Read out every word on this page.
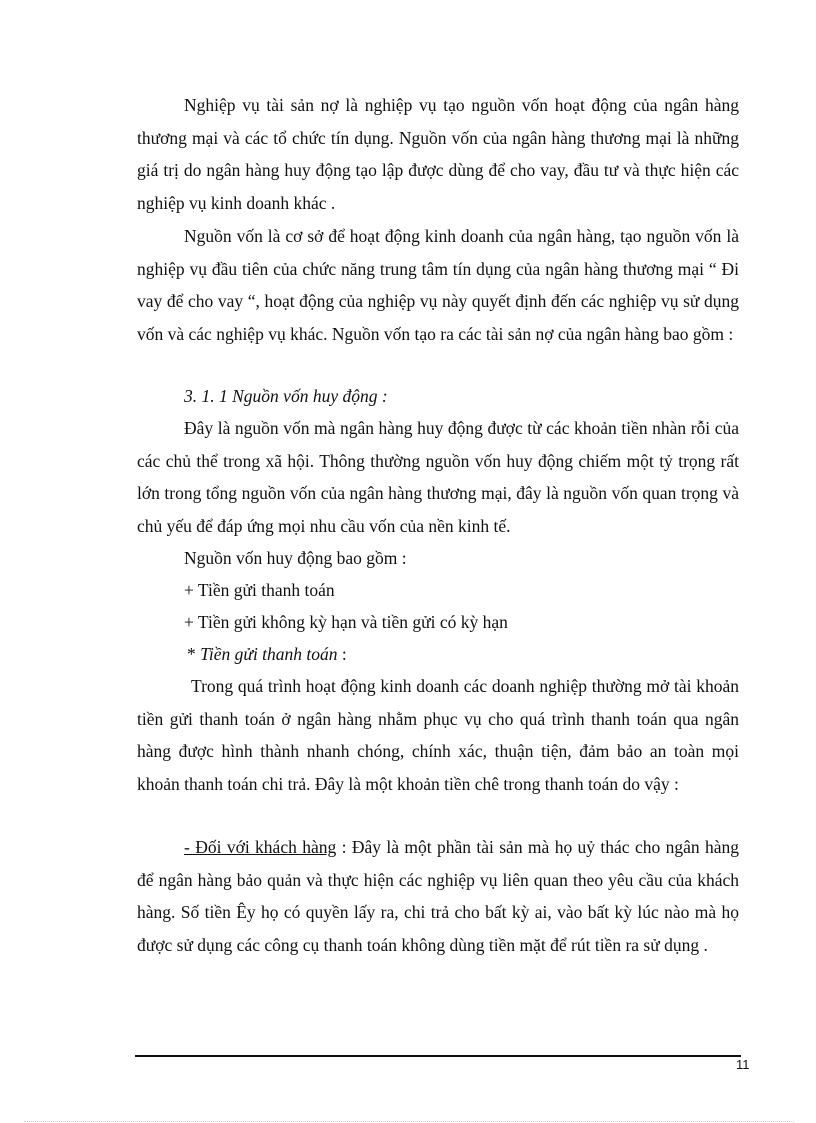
Nghiệp vụ tài sản nợ là nghiệp vụ tạo nguồn vốn hoạt động của ngân hàng thương mại và các tổ chức tín dụng. Nguồn vốn của ngân hàng thương mại là những giá trị do ngân hàng huy động tạo lập được dùng để cho vay, đầu tư và thực hiện các nghiệp vụ kinh doanh khác .

Nguồn vốn là cơ sở để hoạt động kinh doanh của ngân hàng, tạo nguồn vốn là nghiệp vụ đầu tiên của chức năng trung tâm tín dụng của ngân hàng thương mại “ Đi vay để cho vay “, hoạt động của nghiệp vụ này quyết định đến các nghiệp vụ sử dụng vốn và các nghiệp vụ khác. Nguồn vốn tạo ra các tài sản nợ của ngân hàng bao gồm :

3. 1. 1 Nguồn vốn huy động :

Đây là nguồn vốn mà ngân hàng huy động được từ các khoản tiền nhàn rỗi của các chủ thể trong xã hội. Thông thường nguồn vốn huy động chiếm một tỷ trọng rất lớn trong tổng nguồn vốn của ngân hàng thương mại, đây là nguồn vốn quan trọng và chủ yếu để đáp ứng mọi nhu cầu vốn của nền kinh tế.

Nguồn vốn huy động bao gồm :
+ Tiền gửi thanh toán
+ Tiền gửi không kỳ hạn và tiền gửi có kỳ hạn
* Tiền gửi thanh toán :

Trong quá trình hoạt động kinh doanh các doanh nghiệp thường mở tài khoản tiền gửi thanh toán ở ngân hàng nhằm phục vụ cho quá trình thanh toán qua ngân hàng được hình thành nhanh chóng, chính xác, thuận tiện, đảm bảo an toàn mọi khoản thanh toán chi trả. Đây là một khoản tiền chê trong thanh toán do vậy :

- Đối với khách hàng : Đây là một phần tài sản mà họ uỷ thác cho ngân hàng để ngân hàng bảo quản và thực hiện các nghiệp vụ liên quan theo yêu cầu của khách hàng. Số tiền Êy họ có quyền lấy ra, chi trả cho bất kỳ ai, vào bất kỳ lúc nào mà họ được sử dụng các công cụ thanh toán không dùng tiền mặt để rút tiền ra sử dụng .

11
